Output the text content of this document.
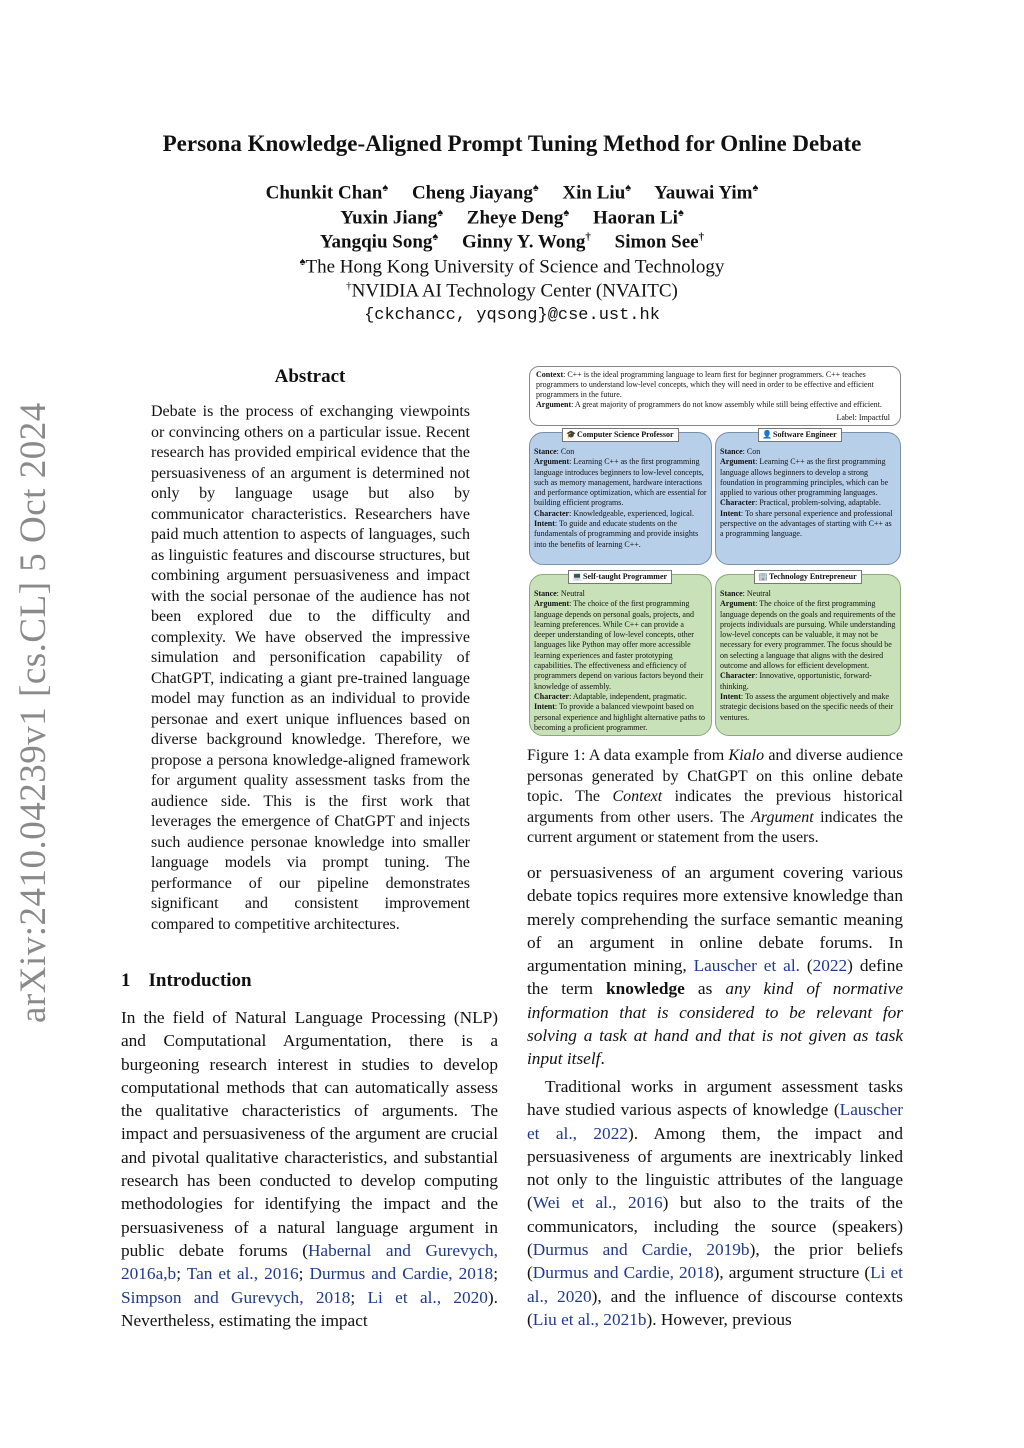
Persona Knowledge-Aligned Prompt Tuning Method for Online Debate
Chunkit Chan♠ Cheng Jiayang♠ Xin Liu♠ Yauwai Yim♠
Yuxin Jiang♠ Zheye Deng♠ Haoran Li♠
Yangqiu Song♠ Ginny Y. Wong† Simon See†
♠The Hong Kong University of Science and Technology
†NVIDIA AI Technology Center (NVAITC)
{ckchancc, yqsong}@cse.ust.hk
arXiv:2410.04239v1 [cs.CL] 5 Oct 2024
Abstract
Debate is the process of exchanging viewpoints or convincing others on a particular issue. Recent research has provided empirical evidence that the persuasiveness of an argument is determined not only by language usage but also by communicator characteristics. Researchers have paid much attention to aspects of languages, such as linguistic features and discourse structures, but combining argument persuasiveness and impact with the social personae of the audience has not been explored due to the difficulty and complexity. We have observed the impressive simulation and personification capability of ChatGPT, indicating a giant pre-trained language model may function as an individual to provide personae and exert unique influences based on diverse background knowledge. Therefore, we propose a persona knowledge-aligned framework for argument quality assessment tasks from the audience side. This is the first work that leverages the emergence of ChatGPT and injects such audience personae knowledge into smaller language models via prompt tuning. The performance of our pipeline demonstrates significant and consistent improvement compared to competitive architectures.
1 Introduction
In the field of Natural Language Processing (NLP) and Computational Argumentation, there is a burgeoning research interest in studies to develop computational methods that can automatically assess the qualitative characteristics of arguments. The impact and persuasiveness of the argument are crucial and pivotal qualitative characteristics, and substantial research has been conducted to develop computing methodologies for identifying the impact and the persuasiveness of a natural language argument in public debate forums (Habernal and Gurevych, 2016a,b; Tan et al., 2016; Durmus and Cardie, 2018; Simpson and Gurevych, 2018; Li et al., 2020). Nevertheless, estimating the impact
Context: C++ is the ideal programming language to learn first for beginner programmers. C++ teaches programmers to understand low-level concepts, which they will need in order to be effective and efficient programmers in the future.
Argument: A great majority of programmers do not know assembly while still being effective and efficient.
Label: Impactful
🎓 Computer Science Professor
Stance: Con
Argument: Learning C++ as the first programming language introduces beginners to low-level concepts, such as memory management, hardware interactions and performance optimization, which are essential for building efficient programs.
Character: Knowledgeable, experienced, logical.
Intent: To guide and educate students on the fundamentals of programming and provide insights into the benefits of learning C++.
👤 Software Engineer
Stance: Con
Argument: Learning C++ as the first programming language allows beginners to develop a strong foundation in programming principles, which can be applied to various other programming languages.
Character: Practical, problem-solving, adaptable.
Intent: To share personal experience and professional perspective on the advantages of starting with C++ as a programming language.
💻 Self-taught Programmer
Stance: Neutral
Argument: The choice of the first programming language depends on personal goals, projects, and learning preferences. While C++ can provide a deeper understanding of low-level concepts, other languages like Python may offer more accessible learning experiences and faster prototyping capabilities. The effectiveness and efficiency of programmers depend on various factors beyond their knowledge of assembly.
Character: Adaptable, independent, pragmatic.
Intent: To provide a balanced viewpoint based on personal experience and highlight alternative paths to becoming a proficient programmer.
🏢 Technology Entrepreneur
Stance: Neutral
Argument: The choice of the first programming language depends on the goals and requirements of the projects individuals are pursuing. While understanding low-level concepts can be valuable, it may not be necessary for every programmer. The focus should be on selecting a language that aligns with the desired outcome and allows for efficient development.
Character: Innovative, opportunistic, forward-thinking.
Intent: To assess the argument objectively and make strategic decisions based on the specific needs of their ventures.
Figure 1: A data example from Kialo and diverse audience personas generated by ChatGPT on this online debate topic. The Context indicates the previous historical arguments from other users. The Argument indicates the current argument or statement from the users.
or persuasiveness of an argument covering various debate topics requires more extensive knowledge than merely comprehending the surface semantic meaning of an argument in online debate forums. In argumentation mining, Lauscher et al. (2022) define the term knowledge as any kind of normative information that is considered to be relevant for solving a task at hand and that is not given as task input itself.
Traditional works in argument assessment tasks have studied various aspects of knowledge (Lauscher et al., 2022). Among them, the impact and persuasiveness of arguments are inextricably linked not only to the linguistic attributes of the language (Wei et al., 2016) but also to the traits of the communicators, including the source (speakers) (Durmus and Cardie, 2019b), the prior beliefs (Durmus and Cardie, 2018), argument structure (Li et al., 2020), and the influence of discourse contexts (Liu et al., 2021b). However, previous
